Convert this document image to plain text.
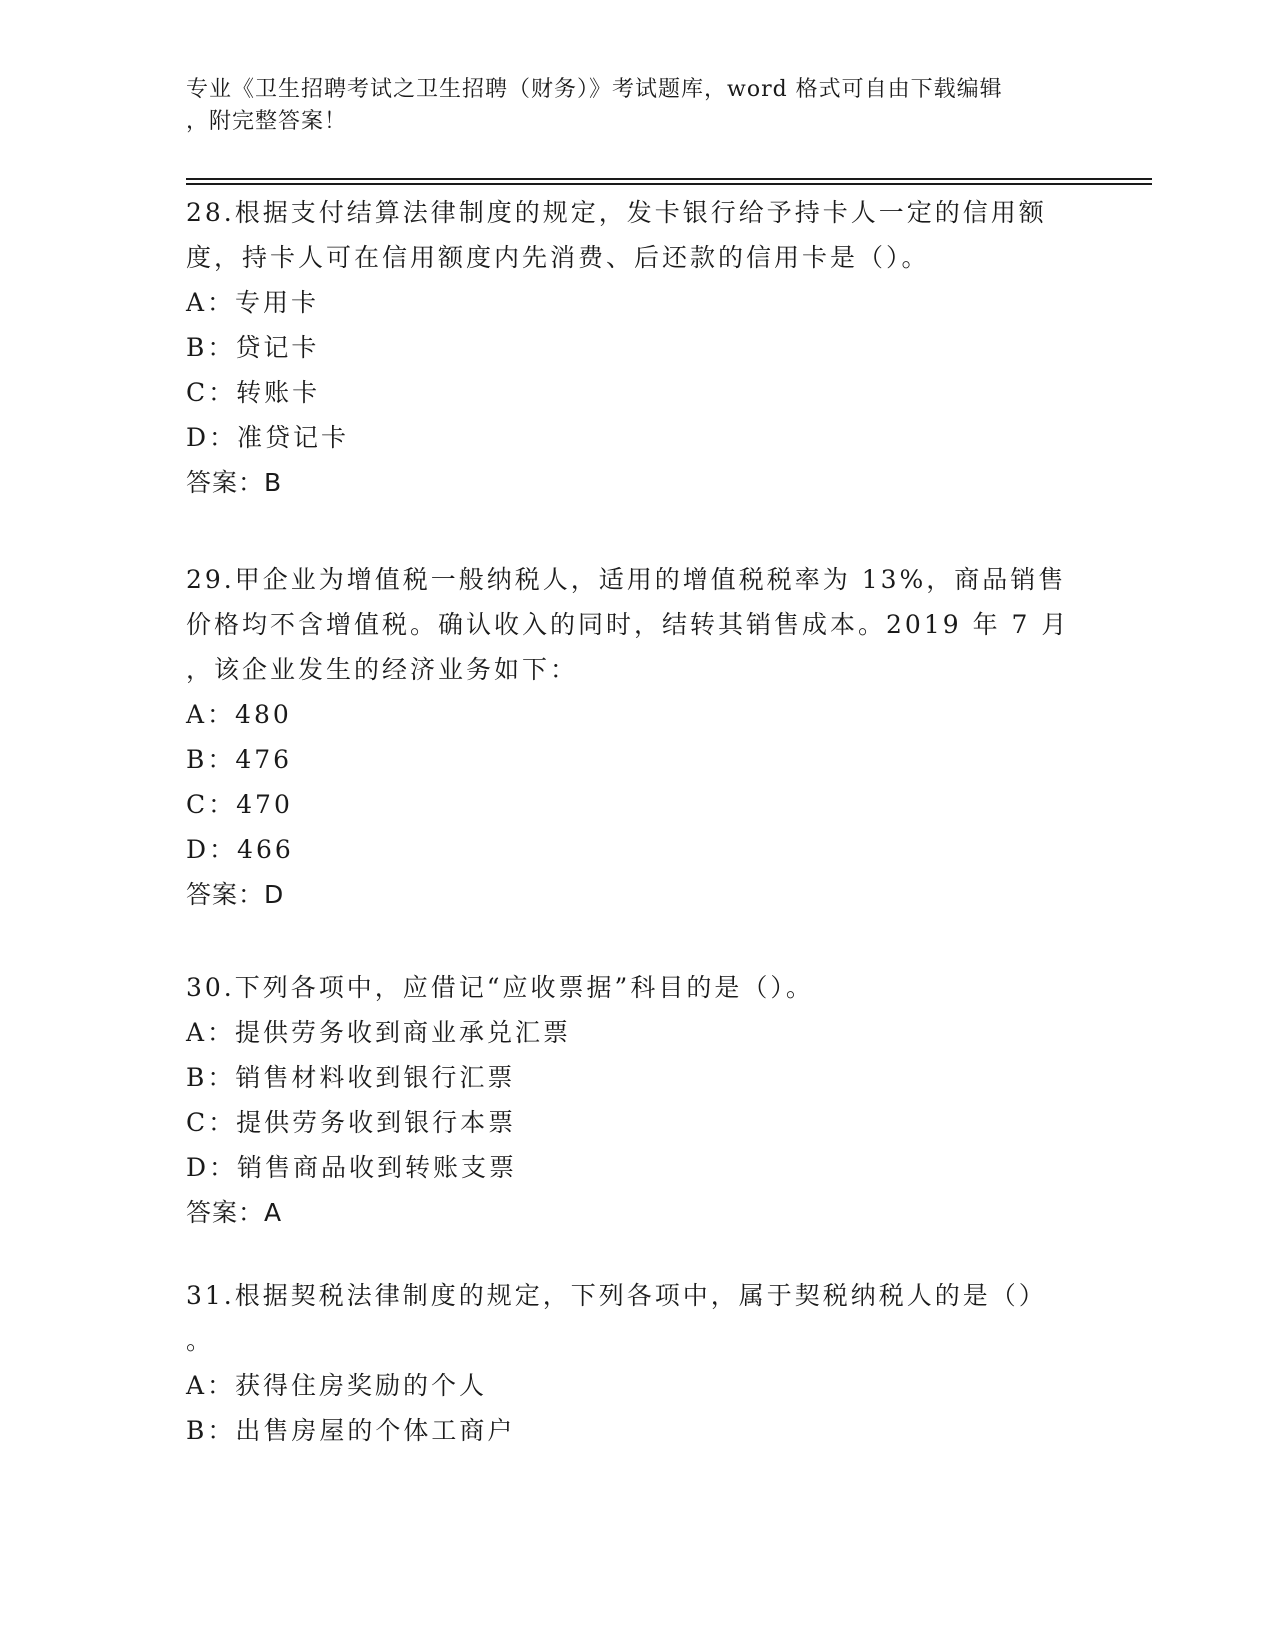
专业《卫生招聘考试之卫生招聘（财务）》考试题库，word 格式可自由下载编辑
，附完整答案！
28.根据支付结算法律制度的规定，发卡银行给予持卡人一定的信用额
度，持卡人可在信用额度内先消费、后还款的信用卡是（）。
A：专用卡
B：贷记卡
C：转账卡
D：准贷记卡
答案：B
29.甲企业为增值税一般纳税人，适用的增值税税率为 13%，商品销售
价格均不含增值税。确认收入的同时，结转其销售成本。2019 年 7 月
，该企业发生的经济业务如下：
A：480
B：476
C：470
D：466
答案：D
30.下列各项中，应借记“应收票据”科目的是（）。
A：提供劳务收到商业承兑汇票
B：销售材料收到银行汇票
C：提供劳务收到银行本票
D：销售商品收到转账支票
答案：A
31.根据契税法律制度的规定，下列各项中，属于契税纳税人的是（）
。
A：获得住房奖励的个人
B：出售房屋的个体工商户
